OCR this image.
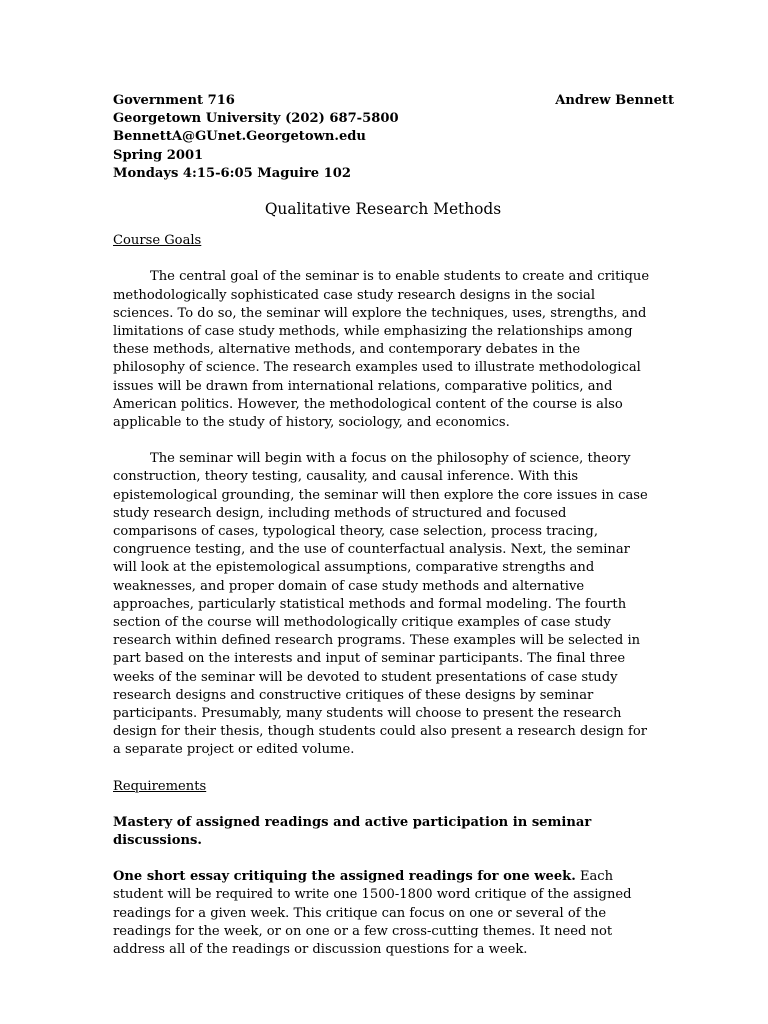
Government 716	Andrew Bennett
Georgetown University (202) 687-5800
BennettA@GUnet.Georgetown.edu
Spring 2001
Mondays 4:15-6:05 Maguire 102
Qualitative Research Methods
Course Goals

The central goal of the seminar is to enable students to create and critique methodologically sophisticated case study research designs in the social sciences. To do so, the seminar will explore the techniques, uses, strengths, and limitations of case study methods, while emphasizing the relationships among these methods, alternative methods, and contemporary debates in the philosophy of science. The research examples used to illustrate methodological issues will be drawn from international relations, comparative politics, and American politics. However, the methodological content of the course is also applicable to the study of history, sociology, and economics.

The seminar will begin with a focus on the philosophy of science, theory construction, theory testing, causality, and causal inference. With this epistemological grounding, the seminar will then explore the core issues in case study research design, including methods of structured and focused comparisons of cases, typological theory, case selection, process tracing, congruence testing, and the use of counterfactual analysis. Next, the seminar will look at the epistemological assumptions, comparative strengths and weaknesses, and proper domain of case study methods and alternative approaches, particularly statistical methods and formal modeling. The fourth section of the course will methodologically critique examples of case study research within defined research programs. These examples will be selected in part based on the interests and input of seminar participants. The final three weeks of the seminar will be devoted to student presentations of case study research designs and constructive critiques of these designs by seminar participants. Presumably, many students will choose to present the research design for their thesis, though students could also present a research design for a separate project or edited volume.

Requirements

Mastery of assigned readings and active participation in seminar discussions.

One short essay critiquing the assigned readings for one week. Each student will be required to write one 1500-1800 word critique of the assigned readings for a given week. This critique can focus on one or several of the readings for the week, or on one or a few cross-cutting themes. It need not address all of the readings or discussion questions for a week.
